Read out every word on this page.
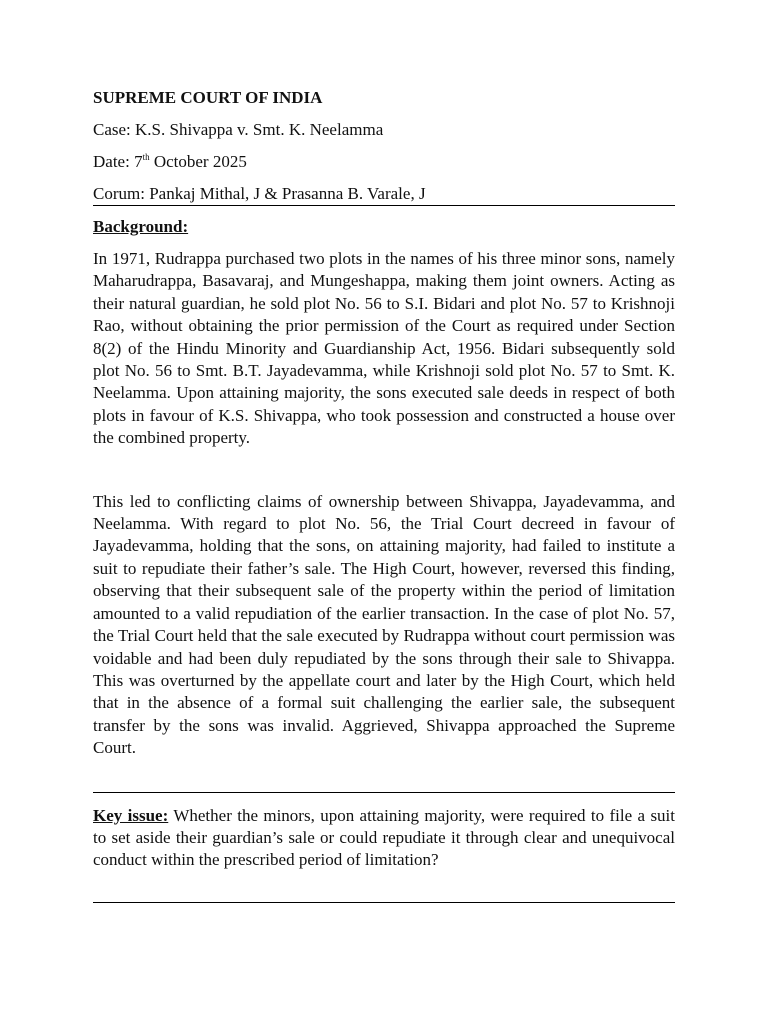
SUPREME COURT OF INDIA

Case: K.S. Shivappa v. Smt. K. Neelamma

Date: 7th October 2025

Corum: Pankaj Mithal, J & Prasanna B. Varale, J

Background:

In 1971, Rudrappa purchased two plots in the names of his three minor sons, namely Maharudrappa, Basavaraj, and Mungeshappa, making them joint owners. Acting as their natural guardian, he sold plot No. 56 to S.I. Bidari and plot No. 57 to Krishnoji Rao, without obtaining the prior permission of the Court as required under Section 8(2) of the Hindu Minority and Guardianship Act, 1956. Bidari subsequently sold plot No. 56 to Smt. B.T. Jayadevamma, while Krishnoji sold plot No. 57 to Smt. K. Neelamma. Upon attaining majority, the sons executed sale deeds in respect of both plots in favour of K.S. Shivappa, who took possession and constructed a house over the combined property.

This led to conflicting claims of ownership between Shivappa, Jayadevamma, and Neelamma. With regard to plot No. 56, the Trial Court decreed in favour of Jayadevamma, holding that the sons, on attaining majority, had failed to institute a suit to repudiate their father’s sale. The High Court, however, reversed this finding, observing that their subsequent sale of the property within the period of limitation amounted to a valid repudiation of the earlier transaction. In the case of plot No. 57, the Trial Court held that the sale executed by Rudrappa without court permission was voidable and had been duly repudiated by the sons through their sale to Shivappa. This was overturned by the appellate court and later by the High Court, which held that in the absence of a formal suit challenging the earlier sale, the subsequent transfer by the sons was invalid. Aggrieved, Shivappa approached the Supreme Court.

Key issue: Whether the minors, upon attaining majority, were required to file a suit to set aside their guardian’s sale or could repudiate it through clear and unequivocal conduct within the prescribed period of limitation?
